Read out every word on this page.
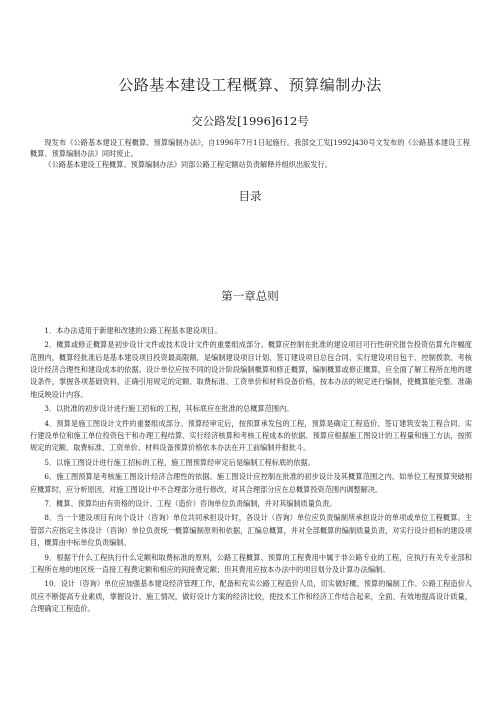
公路基本建设工程概算、预算编制办法
交公路发[1996]612号

现发布《公路基本建设工程概算、预算编制办法》，自1996年7月1日起施行。我部交工发[1992]430号文发布的《公路基本建设工程概算、预算编制办法》同时废止。

《公路基本建设工程概算、预算编制办法》同部公路工程定额站负责解释并组织出版发行。

目录
第一章总则

1．本办法适用于新建和改建的公路工程基本建设项目。

2．概算或修正概算是初步设计文件或技术设计文件的重要组成部分。概算应控制在批准的建设项目可行性研究报告投资估算允许幅度范围内，概算经批准后是基本建设项目投资最高限额，是编制建设项目计划、签订建设项目总包合同、实行建设项目包干、控制拨款、考核设计经济合理性和建设成本的依据。设计单位应按不同的设计阶段编制概算和修正概算，编制概算或修正概算，应全面了解工程所在地的建设条件，掌握各项基础资料，正确引用规定的定额、取费标准、工资单价和材料设备价格，按本办法的规定进行编制，使概算能完整、准确地反映设计内容。

3．以批准的初步设计进行施工招标的工程，其标底应在批准的总概算范围内。

4．预算是施工图设计文件的重要组成部分。预算经审定后，按预算承发包的工程，预算是确定工程造价、签订建筑安装工程合同、实行建设单位和施工单位投资包干和办理工程结算、实行经济核算和考核工程成本的依据。预算应根据施工图设计的工程量和施工方法，按照规定的定额、取费标准、工资单价、材料设备预算价格依本办法在开工前编制并报批斗。

5．以施工图设计进行施工招标的工程，施工图预算经审定后是编制工程标底的依据。

6．施工图预算是考核施工图设计经济合理性的依据。施工图设计应控制在批准的初步设计及其概算范围之内。如单位工程预算突破相应概算时，应分析原因，对施工图设计中不合理部分进行修改，对其合理部分应在总概算投资范围内调整解决。

7．概算、预算均由有资格的设计、工程（造价）咨询单位负责编制，并对其编制质量负责。

8．当一个建设项目有向个设计（咨询）单位共同承担设计时，各设计（咨询）单位应负责编制所承担设计的单项或单位工程概算。主管部六应指定主体设计（咨询）单位负责统一概算编制原则和依据，汇编总概算，并对全部概算的编制质量负责，对实行设计招标的建设项目，概算由中标单位负责编制。

9．根据干什么工程执行什么定额和取费标准的原则，公路工程概算、预算的工程费用中属于非公路专业的工程，应执行有关专业部和工程所在地的地区统一直接工程费定额和相应的间接费定额；但其费用应按本办法中的项目划分及计算办法编制。

10．设计（咨询）单位应加强基本建设经济管理工作，配备和充实公路工程造价人员，切实做好概、预算的编制工作。公路工程造价人员应不断提高专业素质，掌握设计、施工情况，做好设计方案的经济比较，使技术工作和经济工作结合起来，全面、有效地提高设计质量，合理确定工程造价。
